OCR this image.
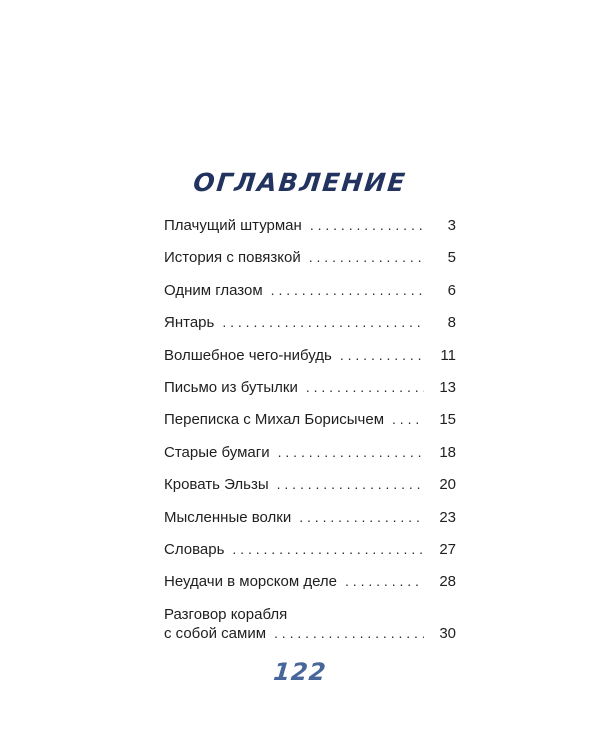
ОГЛАВЛЕНИЕ
Плачущий штурман . . .	3
История с повязкой . . .	5
Одним глазом . . .	6
Янтарь . . .	8
Волшебное чего-нибудь . . .	11
Письмо из бутылки . . .	13
Переписка с Михал Борисычем . . .	15
Старые бумаги . . .	18
Кровать Эльзы . . .	20
Мысленные волки . . .	23
Словарь . . .	27
Неудачи в морском деле . . .	28
Разговор корабля
с собой самим . . .	30
122
